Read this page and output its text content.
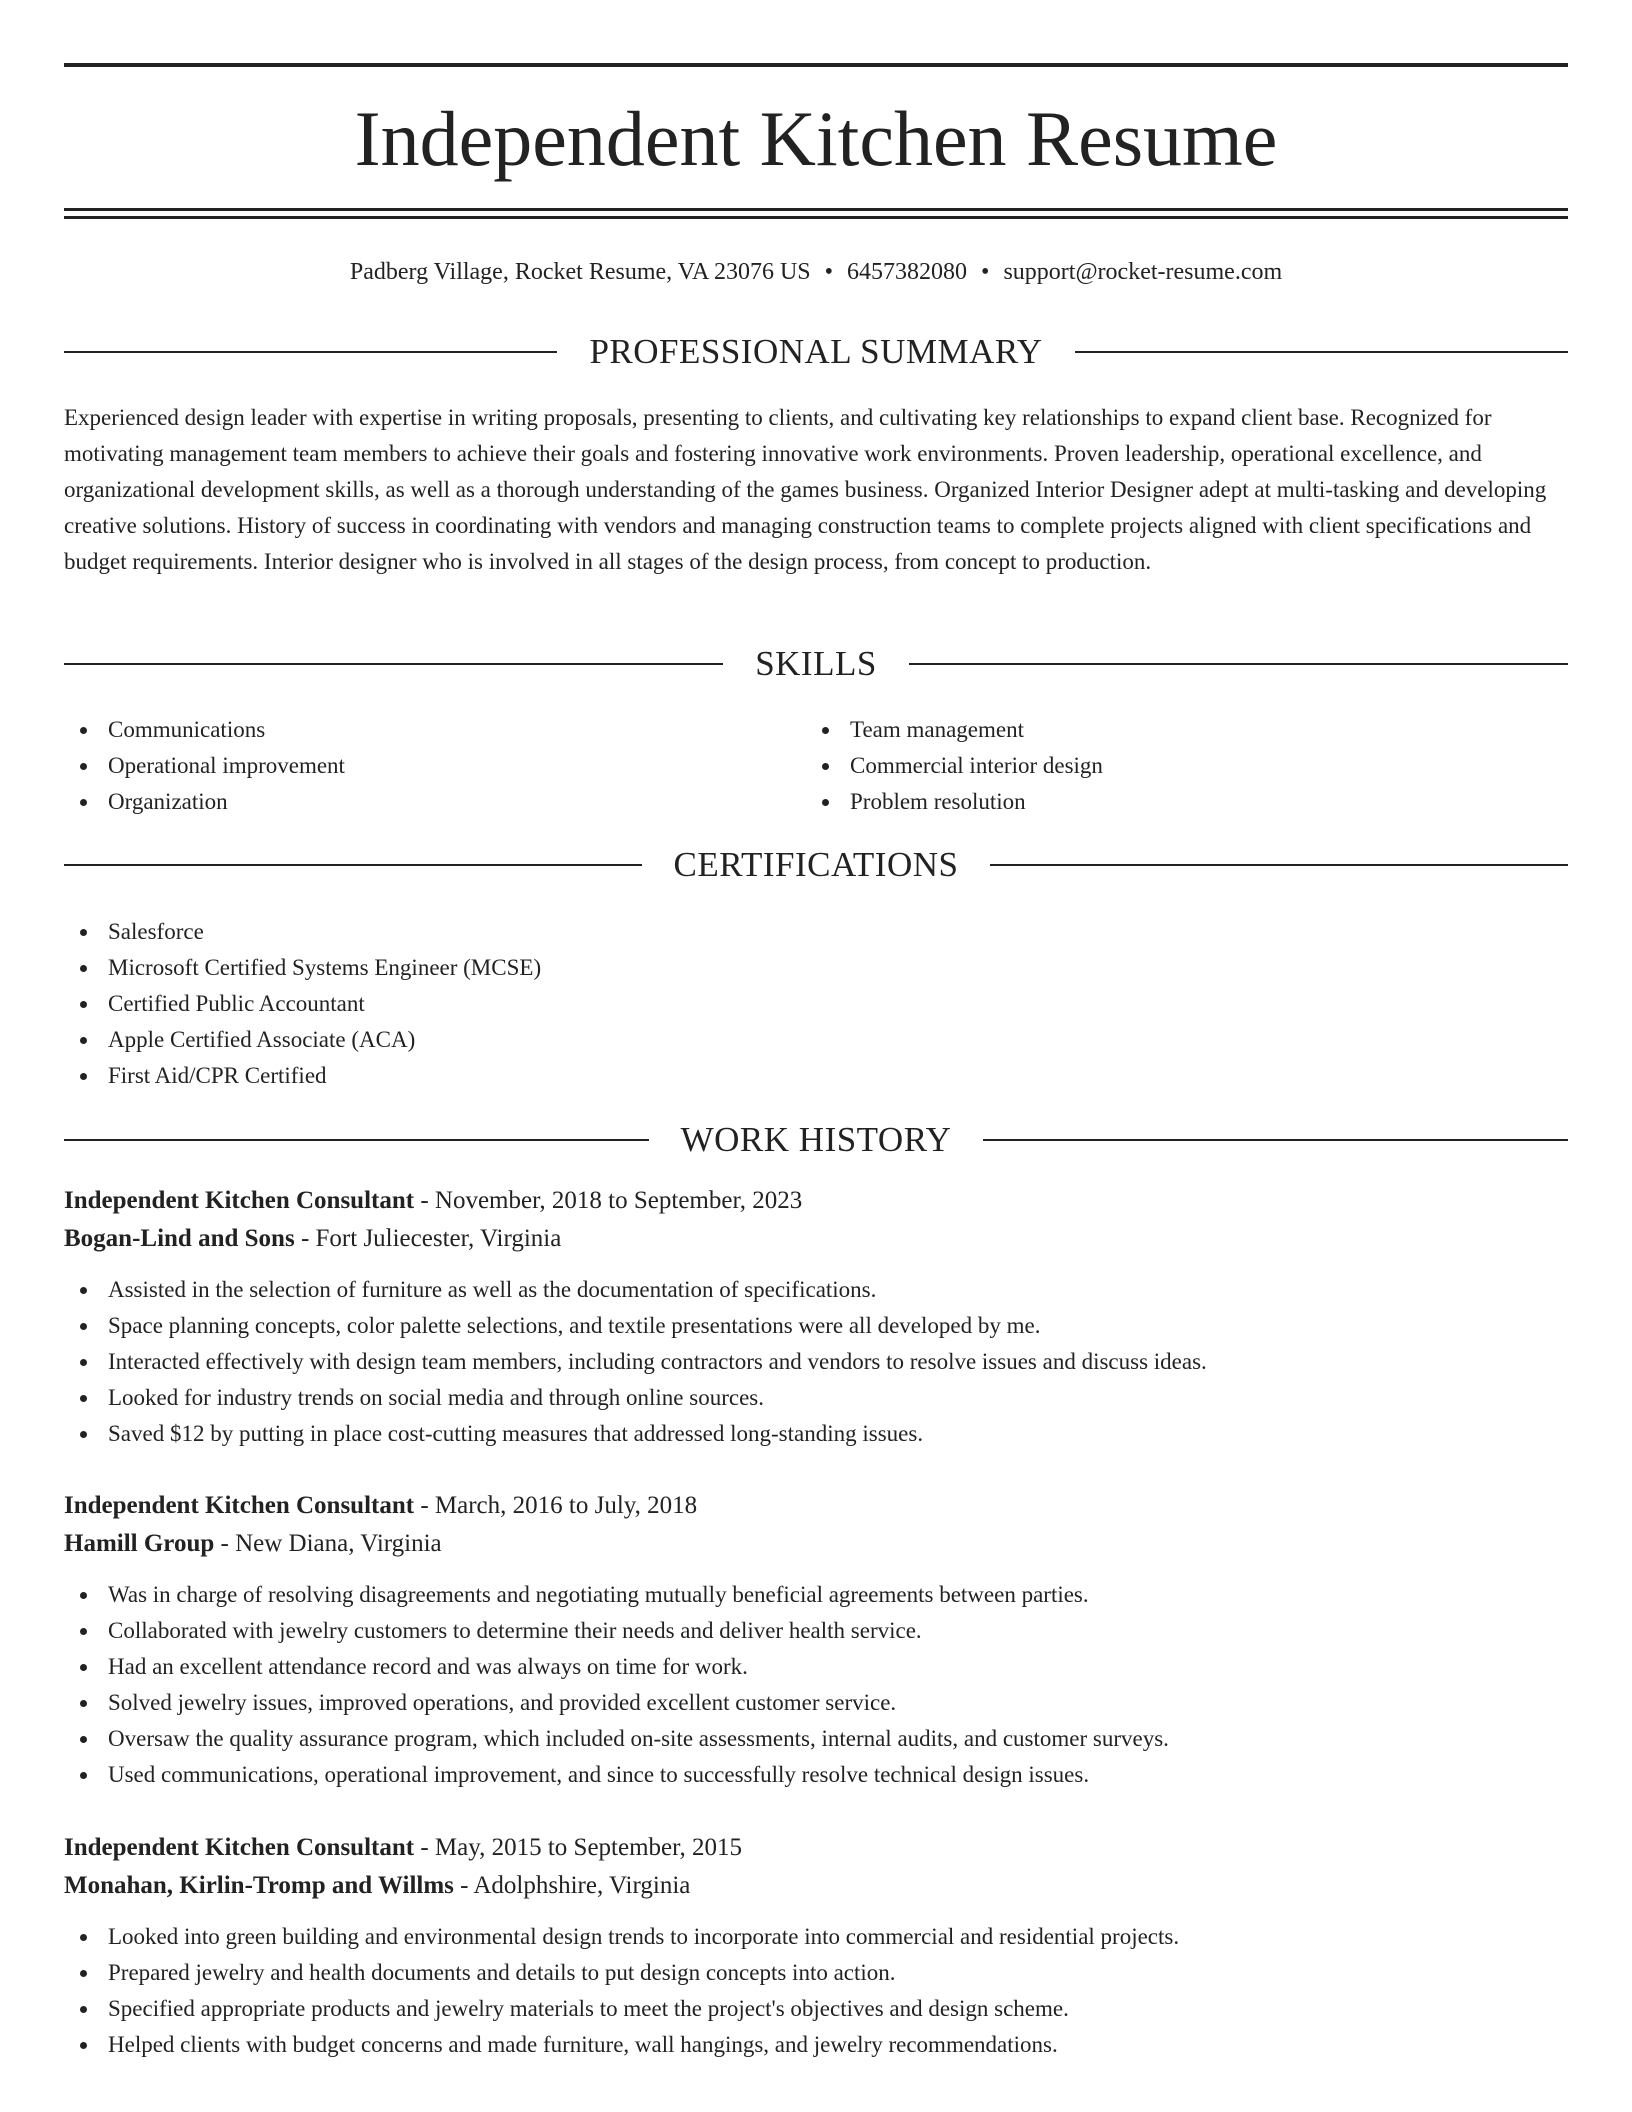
Independent Kitchen Resume
Padberg Village, Rocket Resume, VA 23076 US • 6457382080 • support@rocket-resume.com
PROFESSIONAL SUMMARY

Experienced design leader with expertise in writing proposals, presenting to clients, and cultivating key relationships to expand client base. Recognized for motivating management team members to achieve their goals and fostering innovative work environments. Proven leadership, operational excellence, and organizational development skills, as well as a thorough understanding of the games business. Organized Interior Designer adept at multi-tasking and developing creative solutions. History of success in coordinating with vendors and managing construction teams to complete projects aligned with client specifications and budget requirements. Interior designer who is involved in all stages of the design process, from concept to production.

SKILLS
Communications
Operational improvement
Organization
Team management
Commercial interior design
Problem resolution
CERTIFICATIONS
Salesforce
Microsoft Certified Systems Engineer (MCSE)
Certified Public Accountant
Apple Certified Associate (ACA)
First Aid/CPR Certified
WORK HISTORY
Independent Kitchen Consultant - November, 2018 to September, 2023
Bogan-Lind and Sons - Fort Juliecester, Virginia
Assisted in the selection of furniture as well as the documentation of specifications.
Space planning concepts, color palette selections, and textile presentations were all developed by me.
Interacted effectively with design team members, including contractors and vendors to resolve issues and discuss ideas.
Looked for industry trends on social media and through online sources.
Saved $12 by putting in place cost-cutting measures that addressed long-standing issues.
Independent Kitchen Consultant - March, 2016 to July, 2018
Hamill Group - New Diana, Virginia
Was in charge of resolving disagreements and negotiating mutually beneficial agreements between parties.
Collaborated with jewelry customers to determine their needs and deliver health service.
Had an excellent attendance record and was always on time for work.
Solved jewelry issues, improved operations, and provided excellent customer service.
Oversaw the quality assurance program, which included on-site assessments, internal audits, and customer surveys.
Used communications, operational improvement, and since to successfully resolve technical design issues.
Independent Kitchen Consultant - May, 2015 to September, 2015
Monahan, Kirlin-Tromp and Willms - Adolphshire, Virginia
Looked into green building and environmental design trends to incorporate into commercial and residential projects.
Prepared jewelry and health documents and details to put design concepts into action.
Specified appropriate products and jewelry materials to meet the project's objectives and design scheme.
Helped clients with budget concerns and made furniture, wall hangings, and jewelry recommendations.
